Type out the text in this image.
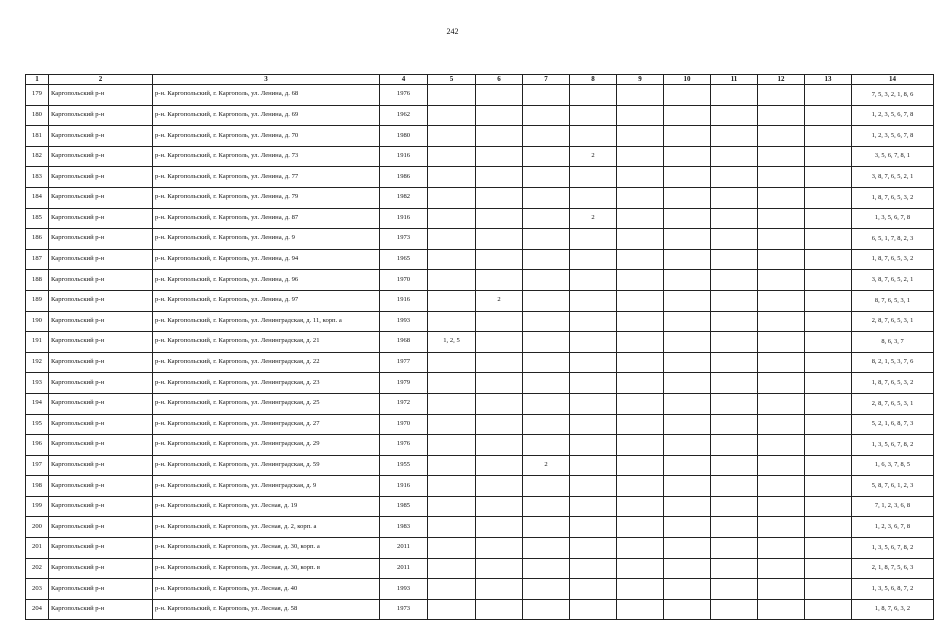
242
1	2	3	4	5	6	7	8	9	10	11	12	13	14
179	Каргопольский р-н	р-н. Каргопольский, г. Каргополь, ул. Ленина, д. 68	1976										7, 5, 3, 2, 1, 8, 6
180	Каргопольский р-н	р-н. Каргопольский, г. Каргополь, ул. Ленина, д. 69	1962										1, 2, 3, 5, 6, 7, 8
181	Каргопольский р-н	р-н. Каргопольский, г. Каргополь, ул. Ленина, д. 70	1980										1, 2, 3, 5, 6, 7, 8
182	Каргопольский р-н	р-н. Каргопольский, г. Каргополь, ул. Ленина, д. 73	1916				2						3, 5, 6, 7, 8, 1
183	Каргопольский р-н	р-н. Каргопольский, г. Каргополь, ул. Ленина, д. 77	1986										3, 8, 7, 6, 5, 2, 1
184	Каргопольский р-н	р-н. Каргопольский, г. Каргополь, ул. Ленина, д. 79	1982										1, 8, 7, 6, 5, 3, 2
185	Каргопольский р-н	р-н. Каргопольский, г. Каргополь, ул. Ленина, д. 87	1916				2						1, 3, 5, 6, 7, 8
186	Каргопольский р-н	р-н. Каргопольский, г. Каргополь, ул. Ленина, д. 9	1973										6, 5, 1, 7, 8, 2, 3
187	Каргопольский р-н	р-н. Каргопольский, г. Каргополь, ул. Ленина, д. 94	1965										1, 8, 7, 6, 5, 3, 2
188	Каргопольский р-н	р-н. Каргопольский, г. Каргополь, ул. Ленина, д. 96	1970										3, 8, 7, 6, 5, 2, 1
189	Каргопольский р-н	р-н. Каргопольский, г. Каргополь, ул. Ленина, д. 97	1916		2								8, 7, 6, 5, 3, 1
190	Каргопольский р-н	р-н. Каргопольский, г. Каргополь, ул. Ленинградская, д. 11, корп. а	1993										2, 8, 7, 6, 5, 3, 1
191	Каргопольский р-н	р-н. Каргопольский, г. Каргополь, ул. Ленинградская, д. 21	1968	1, 2, 5									8, 6, 3, 7
192	Каргопольский р-н	р-н. Каргопольский, г. Каргополь, ул. Ленинградская, д. 22	1977										8, 2, 1, 5, 3, 7, 6
193	Каргопольский р-н	р-н. Каргопольский, г. Каргополь, ул. Ленинградская, д. 23	1979										1, 8, 7, 6, 5, 3, 2
194	Каргопольский р-н	р-н. Каргопольский, г. Каргополь, ул. Ленинградская, д. 25	1972										2, 8, 7, 6, 5, 3, 1
195	Каргопольский р-н	р-н. Каргопольский, г. Каргополь, ул. Ленинградская, д. 27	1970										5, 2, 1, 6, 8, 7, 3
196	Каргопольский р-н	р-н. Каргопольский, г. Каргополь, ул. Ленинградская, д. 29	1976										1, 3, 5, 6, 7, 8, 2
197	Каргопольский р-н	р-н. Каргопольский, г. Каргополь, ул. Ленинградская, д. 59	1955			2							1, 6, 3, 7, 8, 5
198	Каргопольский р-н	р-н. Каргопольский, г. Каргополь, ул. Ленинградская, д. 9	1916										5, 8, 7, 6, 1, 2, 3
199	Каргопольский р-н	р-н. Каргопольский, г. Каргополь, ул. Лесная, д. 19	1985										7, 1, 2, 3, 6, 8
200	Каргопольский р-н	р-н. Каргопольский, г. Каргополь, ул. Лесная, д. 2, корп. а	1983										1, 2, 3, 6, 7, 8
201	Каргопольский р-н	р-н. Каргопольский, г. Каргополь, ул. Лесная, д. 30, корп. а	2011										1, 3, 5, 6, 7, 8, 2
202	Каргопольский р-н	р-н. Каргопольский, г. Каргополь, ул. Лесная, д. 30, корп. в	2011										2, 1, 8, 7, 5, 6, 3
203	Каргопольский р-н	р-н. Каргопольский, г. Каргополь, ул. Лесная, д. 40	1993										1, 3, 5, 6, 8, 7, 2
204	Каргопольский р-н	р-н. Каргопольский, г. Каргополь, ул. Лесная, д. 58	1973										1, 8, 7, 6, 3, 2
